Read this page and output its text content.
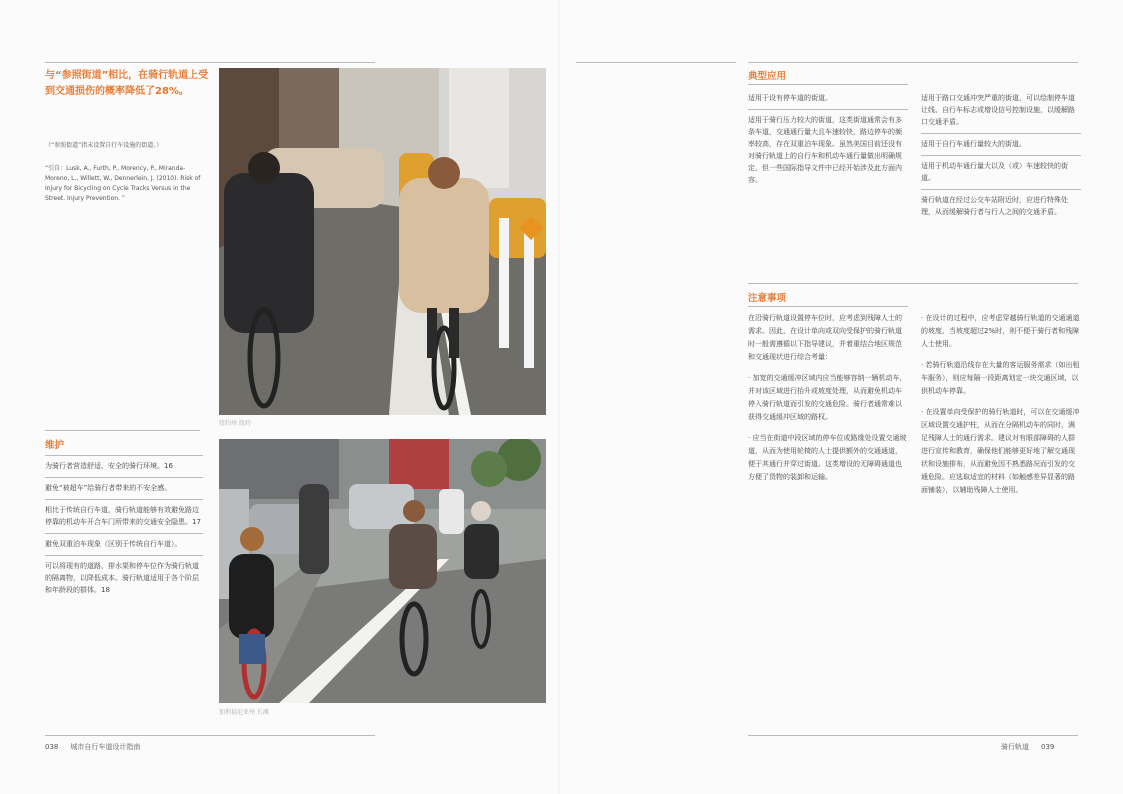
与“参照街道”相比，在骑行轨道上受到交通损伤的概率降低了28%。
（“参照街道”指未设置自行车设施的街道。）
“引自：Lusk, A., Furth, P., Morency, P., Miranda-Moreno, L., Willett, W., Dennerlein, J. (2010). Risk of Injury for Bicycling on Cycle Tracks Versus in the Street. Injury Prevention. ”
纽约州 纽约
加利福尼亚州 长滩
维护
为骑行者营造舒适、安全的骑行环境。16
避免“被超车”给骑行者带来的不安全感。
相比于传统自行车道，骑行轨道能够有效避免路边停靠的机动车开合车门所带来的交通安全隐患。17
避免双重泊车现象（区别于传统自行车道）。
可以将现有的道路、排水渠和停车位作为骑行轨道的隔离物，以降低成本。骑行轨道适用于各个阶层和年龄段的群体。18
038 城市自行车道设计指南
典型应用
适用于设有停车道的街道。
适用于骑行压力较大的街道，这类街道通常会有多条车道，交通通行量大且车速较快，路边停车的频率较高，存在双重泊车现象。虽然美国目前还没有对骑行轨道上的自行车和机动车通行量做出明确规定，但一些国际指导文件中已经开始涉及此方面内容。
适用于路口交通冲突严重的街道，可以绘制停车道让线、自行车标志或增设信号控制设施，以缓解路口交通矛盾。
适用于自行车通行量较大的街道。
适用于机动车通行量大以及（或）车速较快的街道。
骑行轨道在经过公交车站附近时，应进行特殊处理，从而缓解骑行者与行人之间的交通矛盾。
注意事项
在沿骑行轨道设置停车位时，应考虑到残障人士的需求。因此，在设计单向或双向受保护的骑行轨道时一般需遵循以下指导建议，并着重结合地区规范和交通现状进行综合考量：
· 加宽的交通缓冲区域内应当能够容纳一辆机动车，并对该区域进行抬升或坡度处理，从而避免机动车停入骑行轨道而引发的交通危险。骑行者通常难以获得交通缓冲区域的路权。
· 应当在街道中段区域的停车位或路缘处设置交通坡道，从而为使用轮椅的人士提供额外的交通通道，便于其通行并穿过街道。这类增设的无障碍通道也方便了货物的装卸和运输。
· 在设计的过程中，应考虑穿越骑行轨道的交通通道的坡度，当坡度超过2%时，则不便于骑行者和残障人士使用。
· 若骑行轨道沿线存在大量的客运服务需求（如出租车服务），则应每隔一段距离划定一块交通区域，以供机动车停靠。
· 在设置单向受保护的骑行轨道时，可以在交通缓冲区域设置交通护柱，从而在分隔机动车的同时，满足残障人士的通行需求。建议对有眼部障碍的人群进行宣传和教育，确保他们能够更好地了解交通现状和设施排布，从而避免因不熟悉路况而引发的交通危险。应选取适宜的材料（如触感差异显著的路面铺装），以辅助残障人士使用。
骑行轨道 039
